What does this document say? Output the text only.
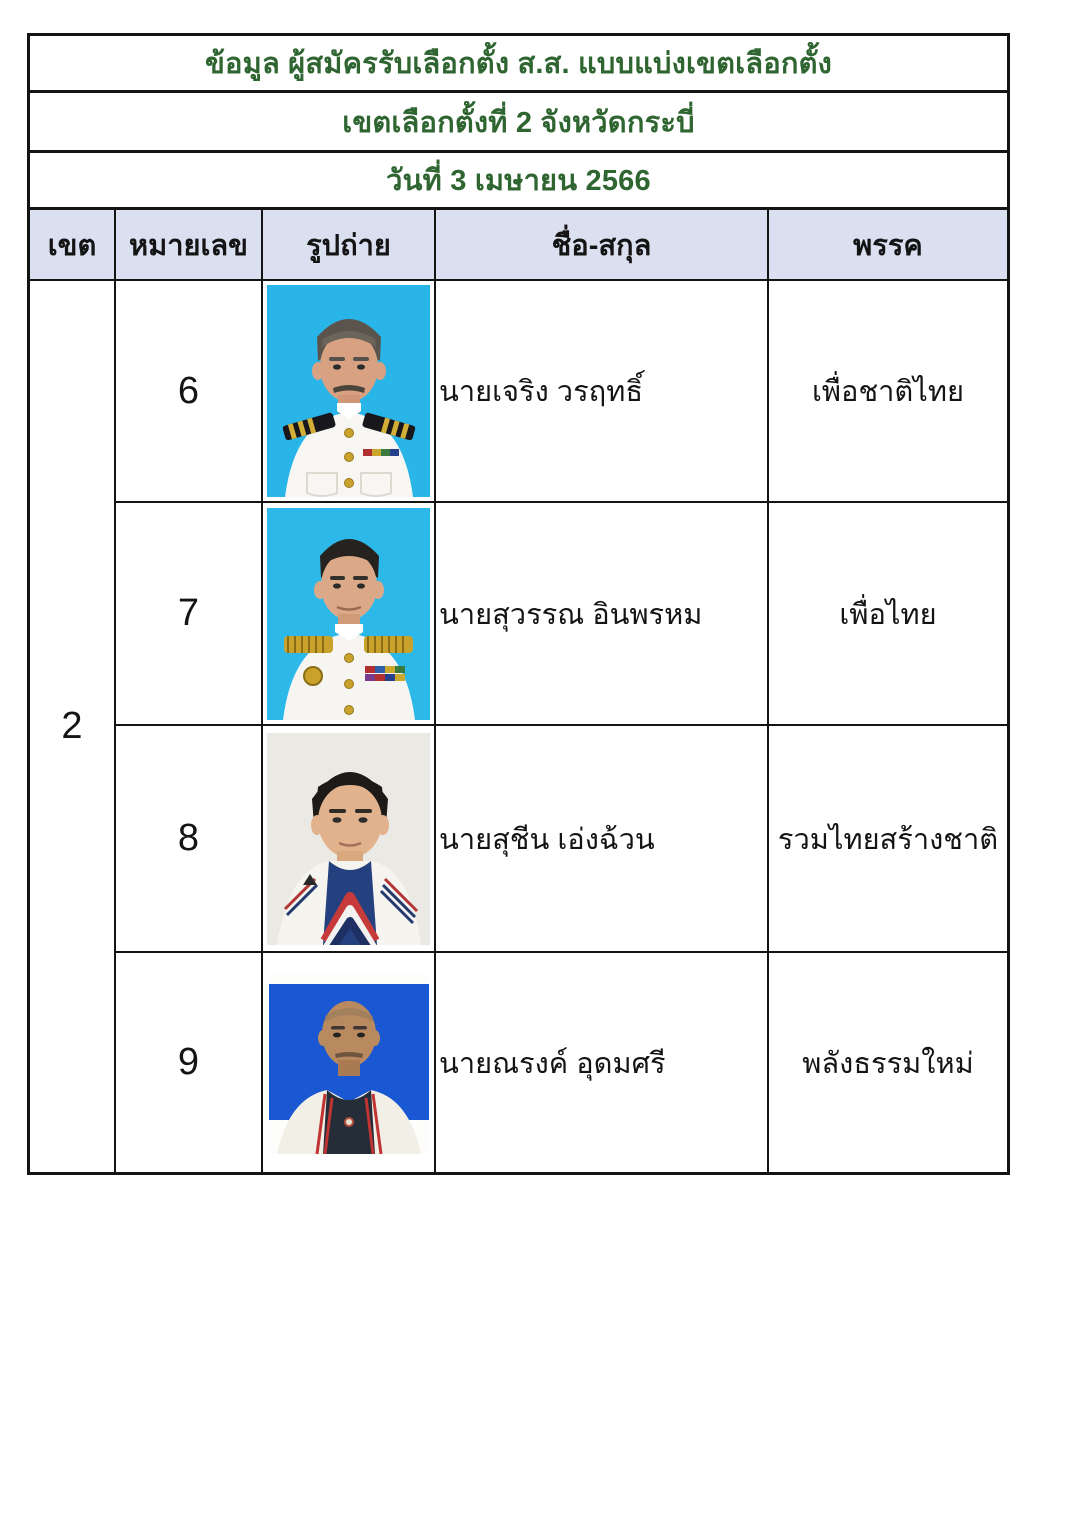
ข้อมูล ผู้สมัครรับเลือกตั้ง ส.ส. แบบแบ่งเขตเลือกตั้ง
เขตเลือกตั้งที่ 2 จังหวัดกระบี่
วันที่ 3 เมษายน 2566
เขต	หมายเลข	รูปถ่าย	ชื่อ-สกุล	พรรค
2
6	นายเจริง วรฤทธิ์	เพื่อชาติไทย
7	นายสุวรรณ อินพรหม	เพื่อไทย
8	นายสุชีน เอ่งฉ้วน	รวมไทยสร้างชาติ
9	นายณรงค์ อุดมศรี	พลังธรรมใหม่
